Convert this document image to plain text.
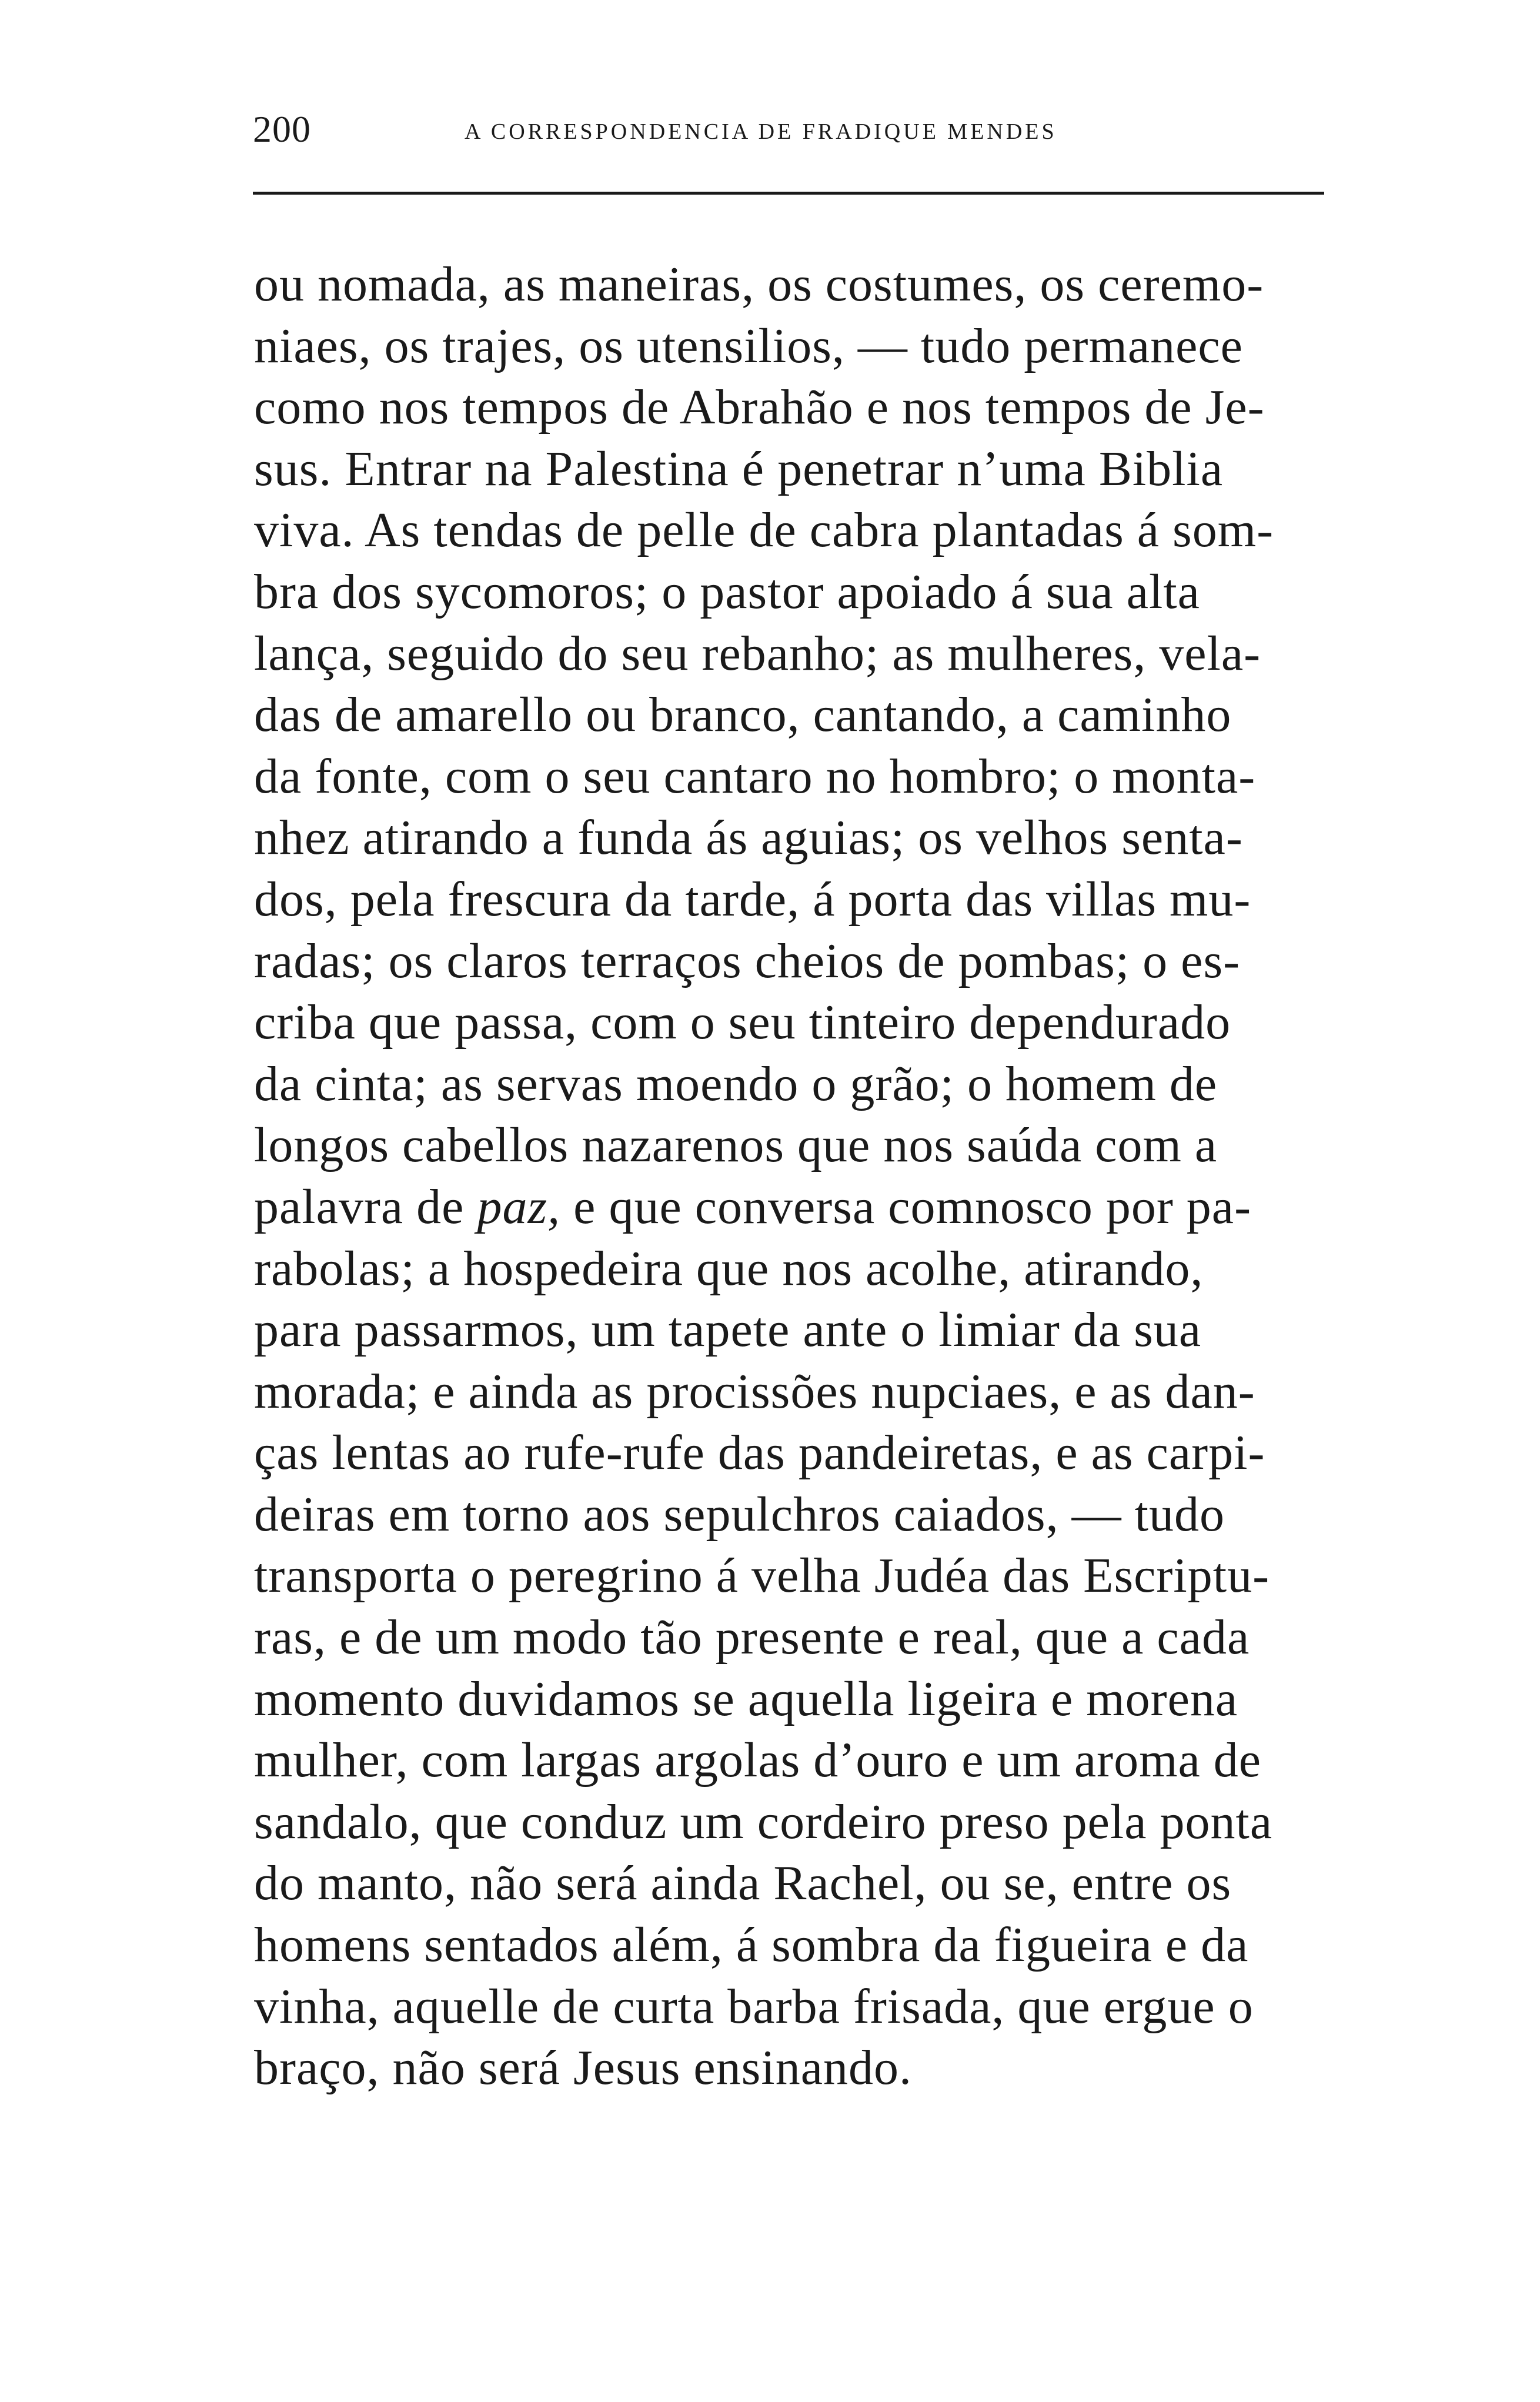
200	A CORRESPONDENCIA DE FRADIQUE MENDES
ou nomada, as maneiras, os costumes, os ceremo-
niaes, os trajes, os utensilios, — tudo permanece
como nos tempos de Abrahão e nos tempos de Je-
sus. Entrar na Palestina é penetrar n’uma Biblia
viva. As tendas de pelle de cabra plantadas á som-
bra dos sycomoros; o pastor apoiado á sua alta
lança, seguido do seu rebanho; as mulheres, vela-
das de amarello ou branco, cantando, a caminho
da fonte, com o seu cantaro no hombro; o monta-
nhez atirando a funda ás aguias; os velhos senta-
dos, pela frescura da tarde, á porta das villas mu-
radas; os claros terraços cheios de pombas; o es-
criba que passa, com o seu tinteiro dependurado
da cinta; as servas moendo o grão; o homem de
longos cabellos nazarenos que nos saúda com a
palavra de paz, e que conversa comnosco por pa-
rabolas; a hospedeira que nos acolhe, atirando,
para passarmos, um tapete ante o limiar da sua
morada; e ainda as procissões nupciaes, e as dan-
ças lentas ao rufe-rufe das pandeiretas, e as carpi-
deiras em torno aos sepulchros caiados, — tudo
transporta o peregrino á velha Judéa das Escriptu-
ras, e de um modo tão presente e real, que a cada
momento duvidamos se aquella ligeira e morena
mulher, com largas argolas d’ouro e um aroma de
sandalo, que conduz um cordeiro preso pela ponta
do manto, não será ainda Rachel, ou se, entre os
homens sentados além, á sombra da figueira e da
vinha, aquelle de curta barba frisada, que ergue o
braço, não será Jesus ensinando.
